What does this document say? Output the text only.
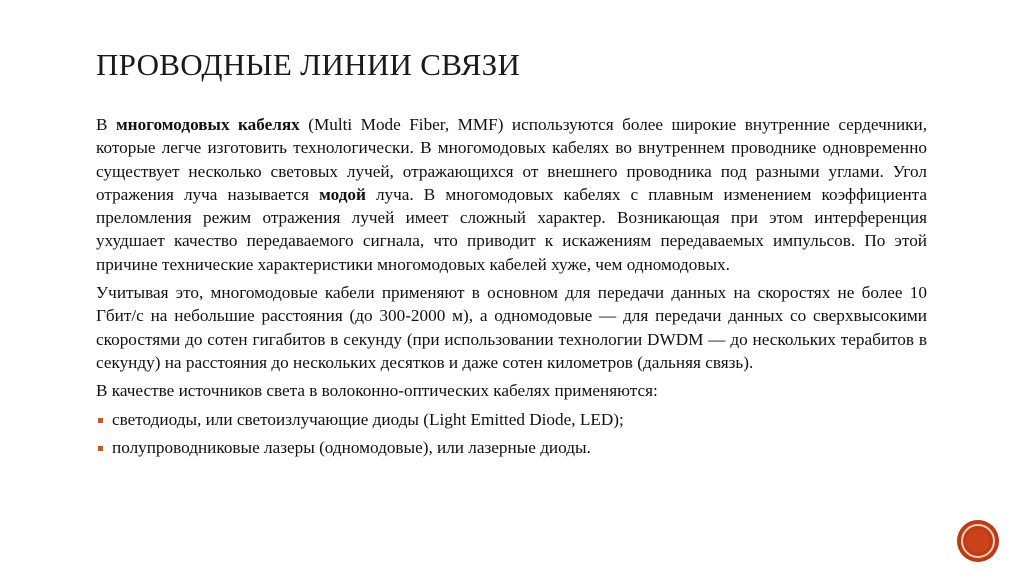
ПРОВОДНЫЕ ЛИНИИ СВЯЗИ

В многомодовых кабелях (Multi Mode Fiber, MMF) используются более широкие внутренние сердечники, которые легче изготовить технологически. В многомодовых кабелях во внутреннем проводнике одновременно существует несколько световых лучей, отражающихся от внешнего проводника под разными углами. Угол отражения луча называется модой луча. В многомодовых кабелях с плавным изменением коэффициента преломления режим отражения лучей имеет сложный характер. Возникающая при этом интерференция ухудшает качество передаваемого сигнала, что приводит к искажениям передаваемых импульсов. По этой причине технические характеристики многомодовых кабелей хуже, чем одномодовых.

Учитывая это, многомодовые кабели применяют в основном для передачи данных на скоростях не более 10 Гбит/с на небольшие расстояния (до 300-2000 м), а одномодовые — для передачи данных со сверхвысокими скоростями до сотен гигабитов в секунду (при использовании технологии DWDM — до нескольких терабитов в секунду) на расстояния до нескольких десятков и даже сотен километров (дальняя связь).

В качестве источников света в волоконно-оптических кабелях применяются:

светодиоды, или светоизлучающие диоды (Light Emitted Diode, LED);
полупроводниковые лазеры (одномодовые), или лазерные диоды.
